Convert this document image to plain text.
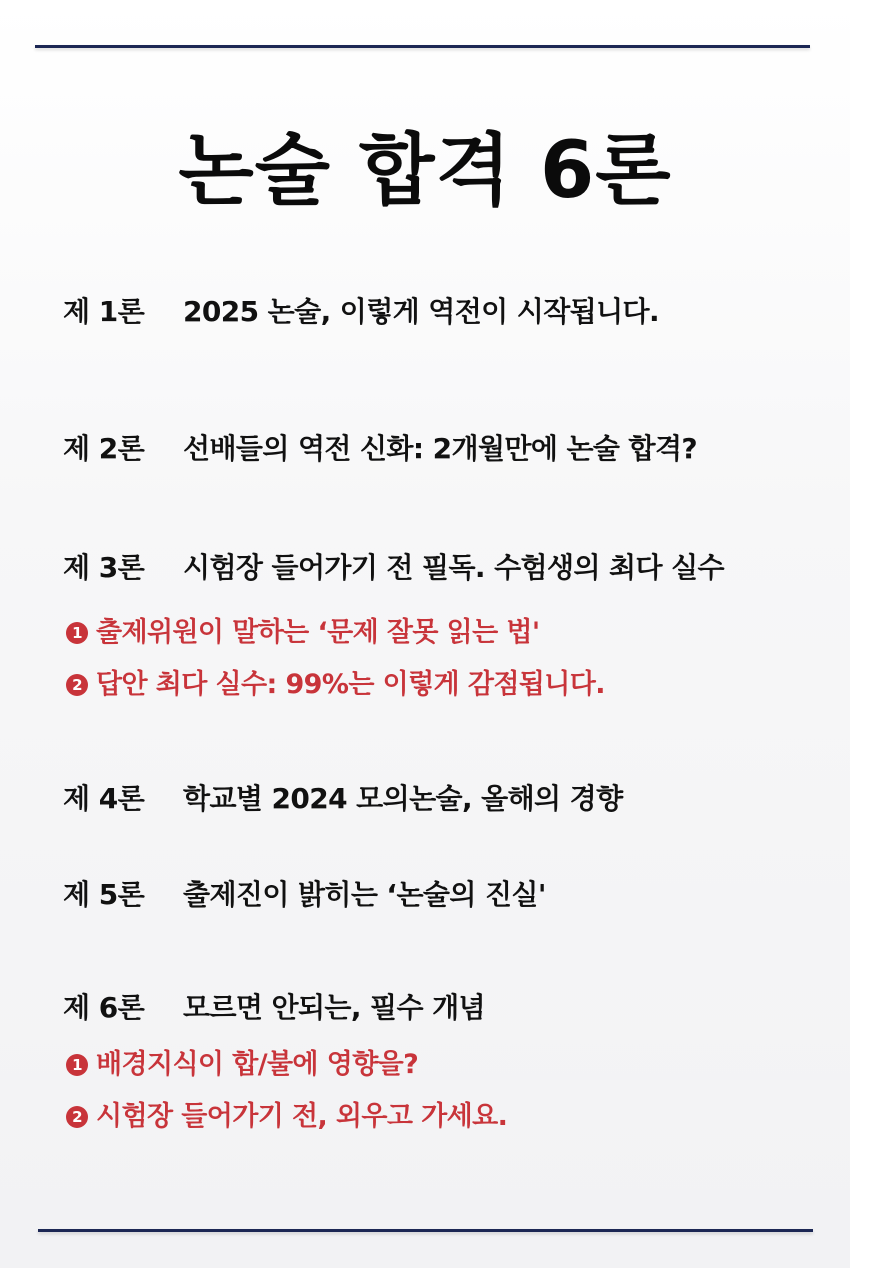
논술 합격 6론
제 1론 2025 논술, 이렇게 역전이 시작됩니다.
제 2론 선배들의 역전 신화: 2개월만에 논술 합격?
제 3론 시험장 들어가기 전 필독. 수험생의 최다 실수
1 출제위원이 말하는 ‘문제 잘못 읽는 법'
2 답안 최다 실수: 99%는 이렇게 감점됩니다.
제 4론 학교별 2024 모의논술, 올해의 경향
제 5론 출제진이 밝히는 ‘논술의 진실'
제 6론 모르면 안되는, 필수 개념
1 배경지식이 합/불에 영향을?
2 시험장 들어가기 전, 외우고 가세요.
